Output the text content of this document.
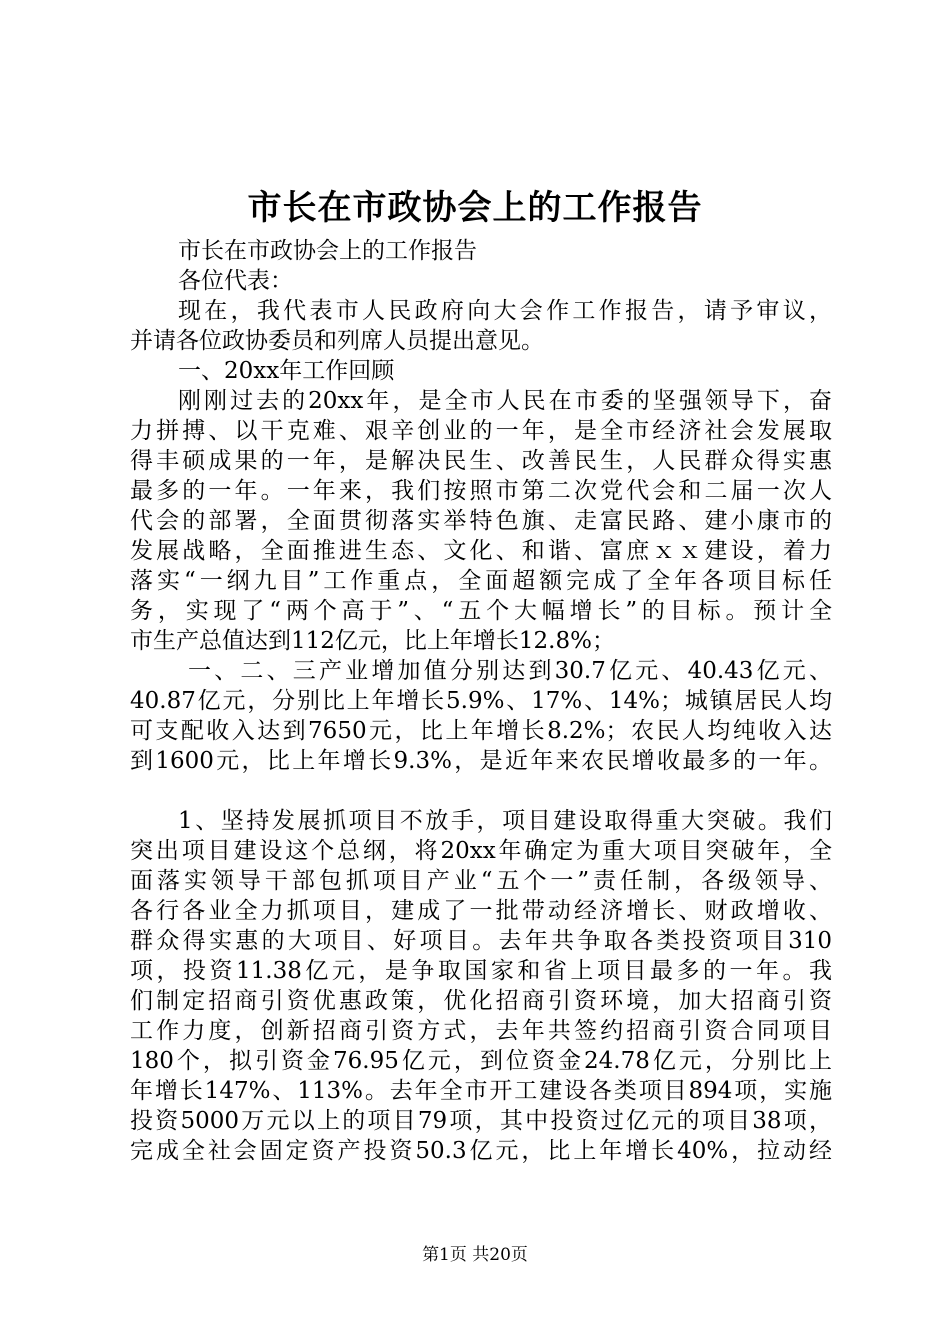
市长在市政协会上的工作报告
市长在市政协会上的工作报告
各位代表：
现在，我代表市人民政府向大会作工作报告，请予审议，
并请各位政协委员和列席人员提出意见。
一、20xx年工作回顾
刚刚过去的20xx年，是全市人民在市委的坚强领导下，奋
力拼搏、以干克难、艰辛创业的一年，是全市经济社会发展取
得丰硕成果的一年，是解决民生、改善民生，人民群众得实惠
最多的一年。一年来，我们按照市第二次党代会和二届一次人
代会的部署，全面贯彻落实举特色旗、走富民路、建小康市的
发展战略，全面推进生态、文化、和谐、富庶ｘｘ建设，着力
落实“一纲九目”工作重点，全面超额完成了全年各项目标任
务，实现了“两个高于”、“五个大幅增长”的目标。预计全
市生产总值达到112亿元，比上年增长12.8%；
一、二、三产业增加值分别达到30.7亿元、40.43亿元、
40.87亿元，分别比上年增长5.9%、17%、14%；城镇居民人均
可支配收入达到7650元，比上年增长8.2%；农民人均纯收入达
到1600元，比上年增长9.3%，是近年来农民增收最多的一年。
1、坚持发展抓项目不放手，项目建设取得重大突破。我们
突出项目建设这个总纲，将20xx年确定为重大项目突破年，全
面落实领导干部包抓项目产业“五个一”责任制，各级领导、
各行各业全力抓项目，建成了一批带动经济增长、财政增收、
群众得实惠的大项目、好项目。去年共争取各类投资项目310
项，投资11.38亿元，是争取国家和省上项目最多的一年。我
们制定招商引资优惠政策，优化招商引资环境，加大招商引资
工作力度，创新招商引资方式，去年共签约招商引资合同项目
180个，拟引资金76.95亿元，到位资金24.78亿元，分别比上
年增长147%、113%。去年全市开工建设各类项目894项，实施
投资5000万元以上的项目79项，其中投资过亿元的项目38项，
完成全社会固定资产投资50.3亿元，比上年增长40%，拉动经
第1页 共20页
